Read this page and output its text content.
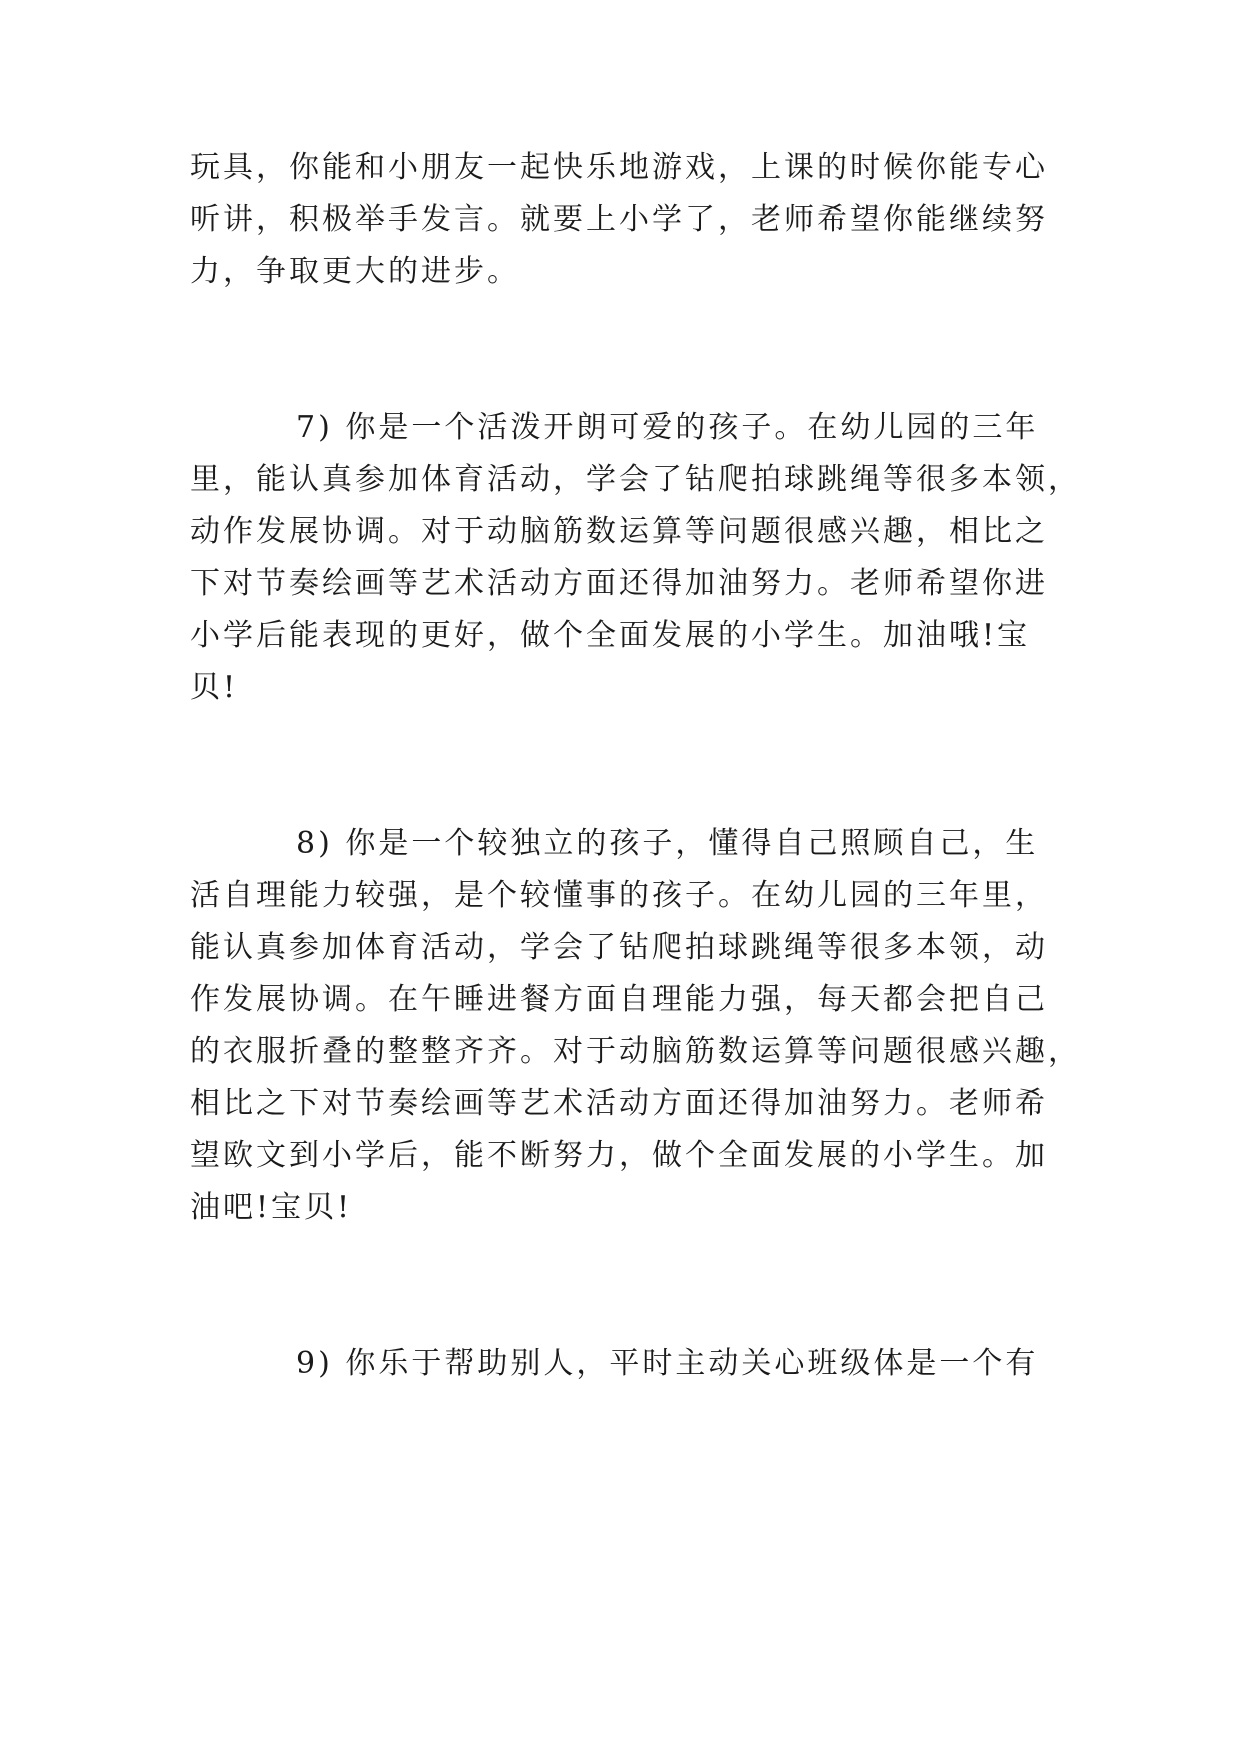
玩具，你能和小朋友一起快乐地游戏，上课的时候你能专心
听讲，积极举手发言。就要上小学了，老师希望你能继续努
力，争取更大的进步。
7) 你是一个活泼开朗可爱的孩子。在幼儿园的三年
里，能认真参加体育活动，学会了钻爬拍球跳绳等很多本领，
动作发展协调。对于动脑筋数运算等问题很感兴趣，相比之
下对节奏绘画等艺术活动方面还得加油努力。老师希望你进
小学后能表现的更好，做个全面发展的小学生。加油哦!宝
贝!
8) 你是一个较独立的孩子，懂得自己照顾自己，生
活自理能力较强，是个较懂事的孩子。在幼儿园的三年里，
能认真参加体育活动，学会了钻爬拍球跳绳等很多本领，动
作发展协调。在午睡进餐方面自理能力强，每天都会把自己
的衣服折叠的整整齐齐。对于动脑筋数运算等问题很感兴趣，
相比之下对节奏绘画等艺术活动方面还得加油努力。老师希
望欧文到小学后，能不断努力，做个全面发展的小学生。加
油吧!宝贝!
9) 你乐于帮助别人，平时主动关心班级体是一个有
